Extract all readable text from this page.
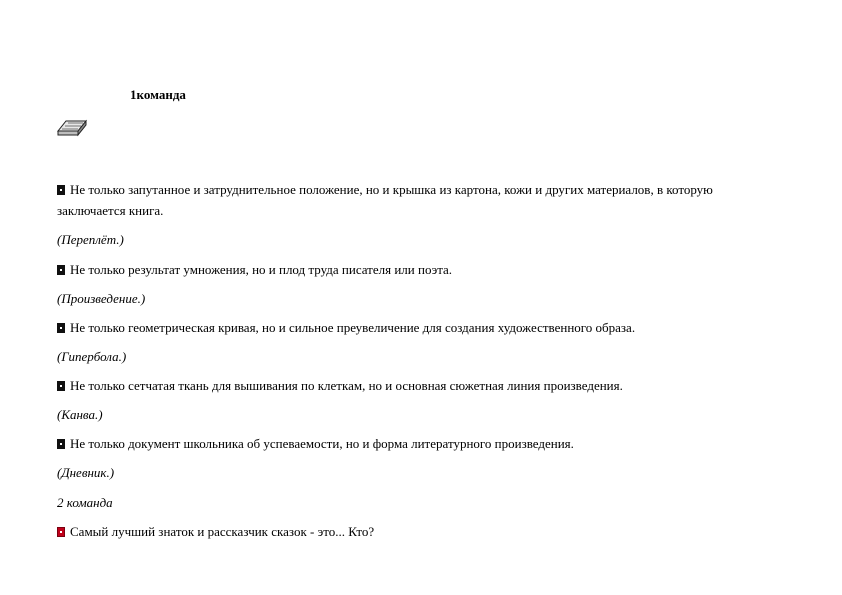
1команда
Не только запутанное и затруднительное положение, но и крышка из картона, кожи и других материалов, в которую
заключается книга.
(Переплёт.)
Не только результат умножения, но и плод труда писателя или поэта.
(Произведение.)
Не только геометрическая кривая, но и сильное преувеличение для создания художественного образа.
(Гипербола.)
Не только сетчатая ткань для вышивания по клеткам, но и основная сюжетная линия произведения.
(Канва.)
Не только документ школьника об успеваемости, но и форма литературного произведения.
(Дневник.)
2 команда
Самый лучший знаток и рассказчик сказок - это... Кто?
